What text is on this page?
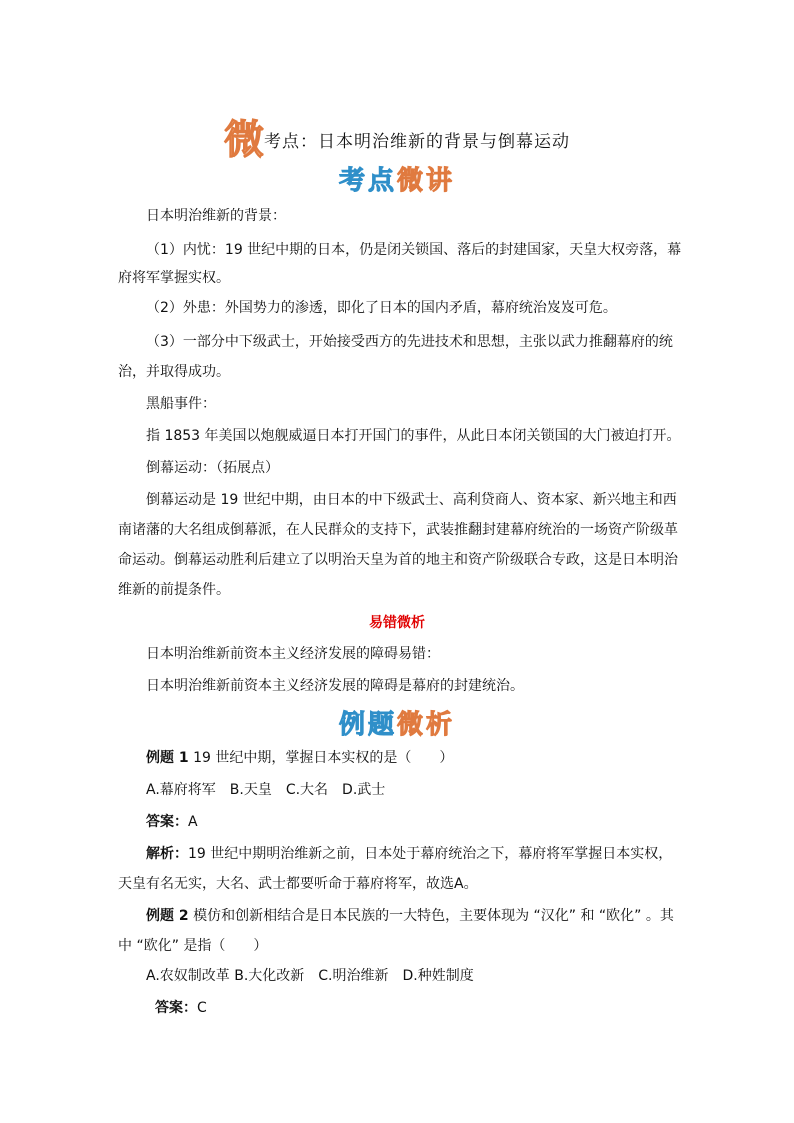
微考点：日本明治维新的背景与倒幕运动
考点微讲
日本明治维新的背景：
（1）内忧：19 世纪中期的日本，仍是闭关锁国、落后的封建国家，天皇大权旁落，幕
府将军掌握实权。
（2）外患：外国势力的渗透，即化了日本的国内矛盾，幕府统治岌岌可危。
（3）一部分中下级武士，开始接受西方的先进技术和思想，主张以武力推翻幕府的统
治，并取得成功。
黑船事件：
指 1853 年美国以炮舰威逼日本打开国门的事件，从此日本闭关锁国的大门被迫打开。
倒幕运动：（拓展点）
倒幕运动是 19 世纪中期，由日本的中下级武士、高利贷商人、资本家、新兴地主和西
南诸藩的大名组成倒幕派，在人民群众的支持下，武装推翻封建幕府统治的一场资产阶级革
命运动。倒幕运动胜利后建立了以明治天皇为首的地主和资产阶级联合专政，这是日本明治
维新的前提条件。
易错微析
日本明治维新前资本主义经济发展的障碍易错：
日本明治维新前资本主义经济发展的障碍是幕府的封建统治。
例题微析
例题 1 19 世纪中期，掌握日本实权的是（　　）
A.幕府将军　B.天皇　C.大名　D.武士
答案：A
解析：19 世纪中期明治维新之前，日本处于幕府统治之下，幕府将军掌握日本实权，
天皇有名无实，大名、武士都要听命于幕府将军，故选A。
例题 2 模仿和创新相结合是日本民族的一大特色，主要体现为 “汉化” 和 “欧化” 。其
中 “欧化” 是指（　　）
A.农奴制改革 B.大化改新　C.明治维新　D.种姓制度
答案：C
